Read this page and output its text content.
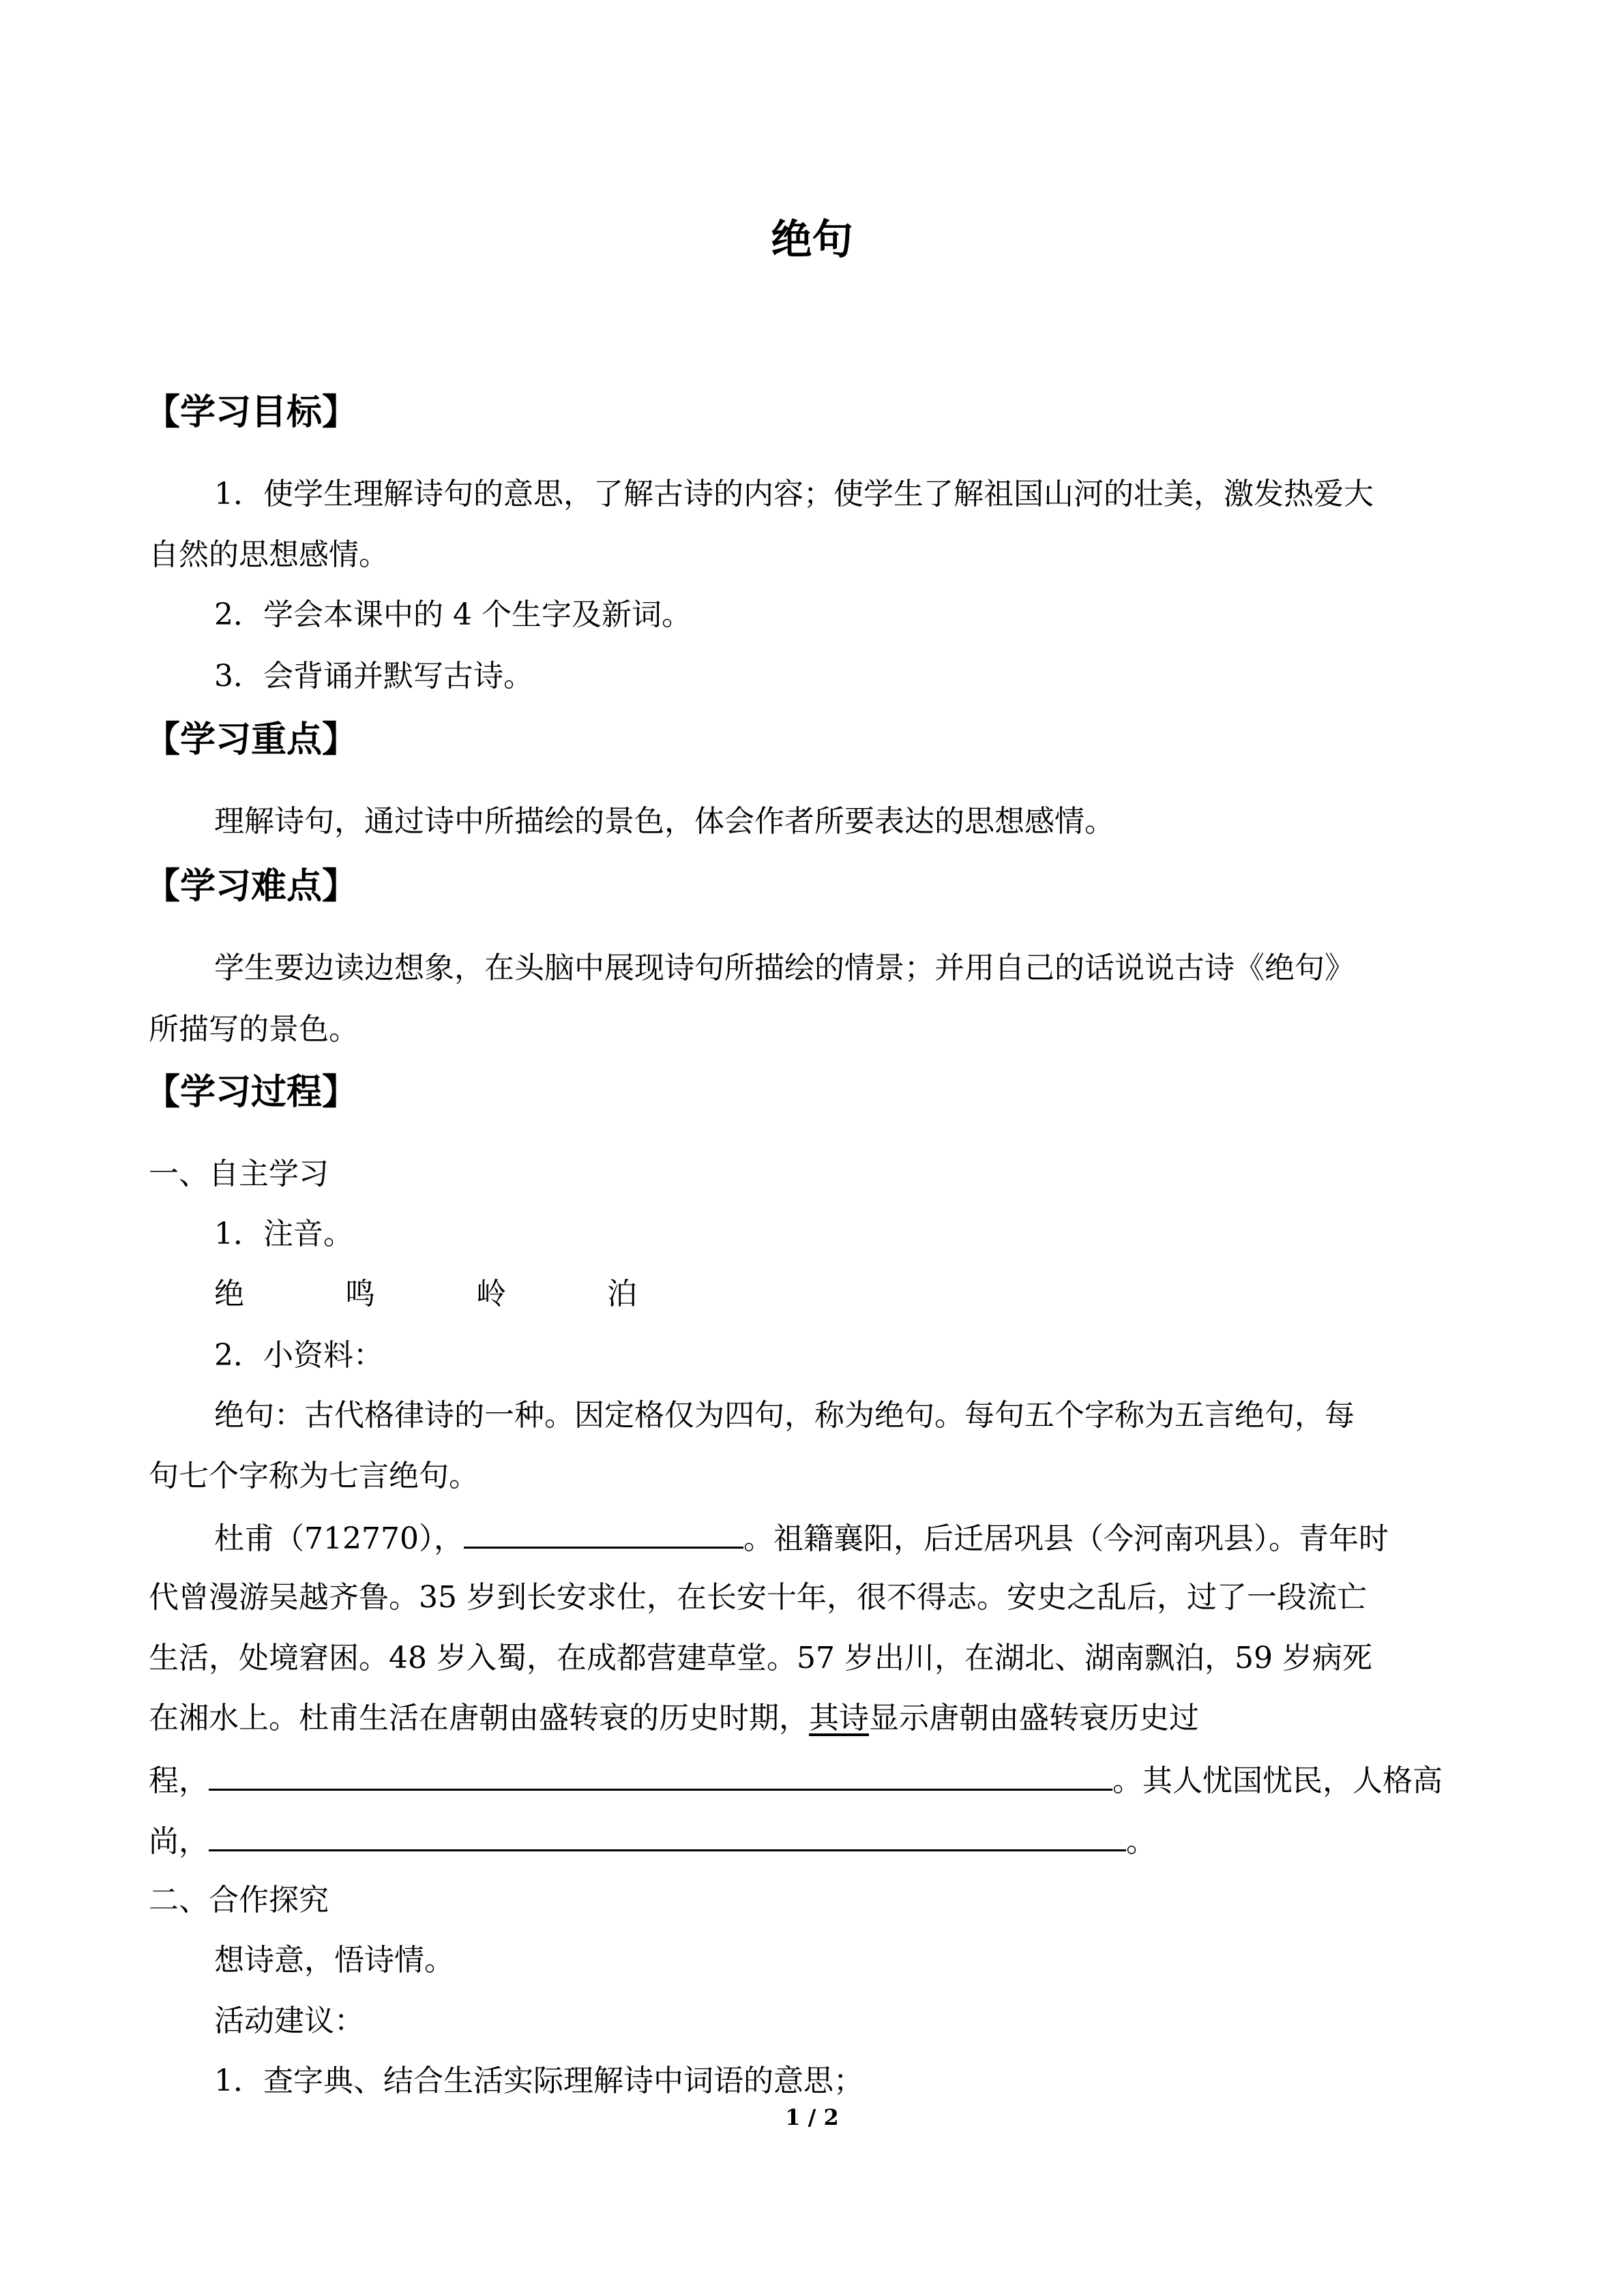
绝句
【学习目标】
1．使学生理解诗句的意思，了解古诗的内容；使学生了解祖国山河的壮美，激发热爱大
自然的思想感情。
2．学会本课中的 4 个生字及新词。
3．会背诵并默写古诗。
【学习重点】
理解诗句，通过诗中所描绘的景色，体会作者所要表达的思想感情。
【学习难点】
学生要边读边想象，在头脑中展现诗句所描绘的情景；并用自己的话说说古诗《绝句》
所描写的景色。
【学习过程】
一、自主学习
1．注音。
绝	鸣	岭	泊
2．小资料：
绝句：古代格律诗的一种。因定格仅为四句，称为绝句。每句五个字称为五言绝句，每
句七个字称为七言绝句。
杜甫（712770），	。祖籍襄阳，后迁居巩县（今河南巩县）。青年时
代曾漫游吴越齐鲁。35 岁到长安求仕，在长安十年，很不得志。安史之乱后，过了一段流亡
生活，处境窘困。48 岁入蜀，在成都营建草堂。57 岁出川，在湖北、湖南飘泊，59 岁病死
在湘水上。杜甫生活在唐朝由盛转衰的历史时期，其诗显示唐朝由盛转衰历史过
程，	。其人忧国忧民，人格高
尚，	。
二、合作探究
想诗意，悟诗情。
活动建议：
1．查字典、结合生活实际理解诗中词语的意思；
1 / 2
